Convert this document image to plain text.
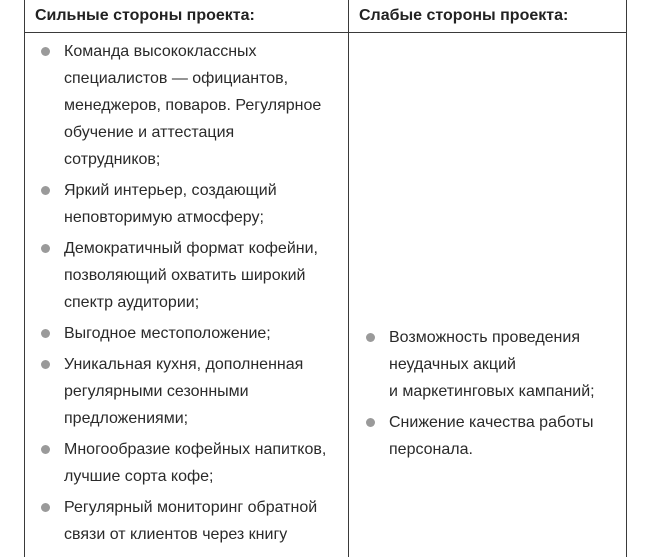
Сильные стороны проекта:	Слабые стороны проекта:
Команда высококлассных
специалистов — официантов,
менеджеров, поваров. Регулярное
обучение и аттестация
сотрудников;
Яркий интерьер, создающий
неповторимую атмосферу;
Демократичный формат кофейни,
позволяющий охватить широкий
спектр аудитории;
Выгодное местоположение;
Уникальная кухня, дополненная
регулярными сезонными
предложениями;
Многообразие кофейных напитков,
лучшие сорта кофе;
Регулярный мониторинг обратной
связи от клиентов через книгу
Возможность проведения
неудачных акций
и маркетинговых кампаний;
Снижение качества работы
персонала.
